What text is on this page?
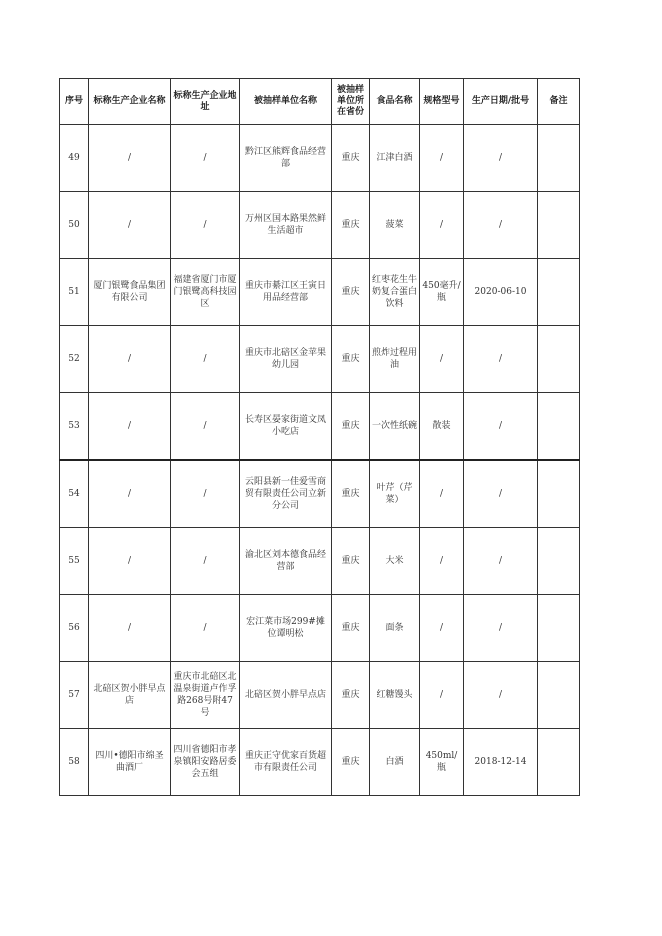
序号	标称生产企业名称	标称生产企业地址	被抽样单位名称	被抽样单位所在省份	食品名称	规格型号	生产日期/批号	备注
49	/	/	黔江区熊辉食品经营部	重庆	江津白酒	/	/	
50	/	/	万州区国本路果然鲜生活超市	重庆	菠菜	/	/	
51	厦门银鹭食品集团有限公司	福建省厦门市厦门银鹭高科技园区	重庆市綦江区王寅日用品经营部	重庆	红枣花生牛奶复合蛋白饮料	450毫升/瓶	2020-06-10	
52	/	/	重庆市北碚区金苹果幼儿园	重庆	煎炸过程用油	/	/	
53	/	/	长寿区晏家街道文凤小吃店	重庆	一次性纸碗	散装	/	
54	/	/	云阳县新一佳爱雪商贸有限责任公司立新分公司	重庆	叶芹（芹菜）	/	/	
55	/	/	渝北区刘本德食品经营部	重庆	大米	/	/	
56	/	/	宏江菜市场299#摊位谭明松	重庆	面条	/	/	
57	北碚区贺小胖早点店	重庆市北碚区北温泉街道卢作孚路268号附47号	北碚区贺小胖早点店	重庆	红糖馒头	/	/	
58	四川•德阳市绵圣曲酒厂	四川省德阳市孝泉镇阳安路居委会五组	重庆正守优家百货超市有限责任公司	重庆	白酒	450ml/瓶	2018-12-14	
